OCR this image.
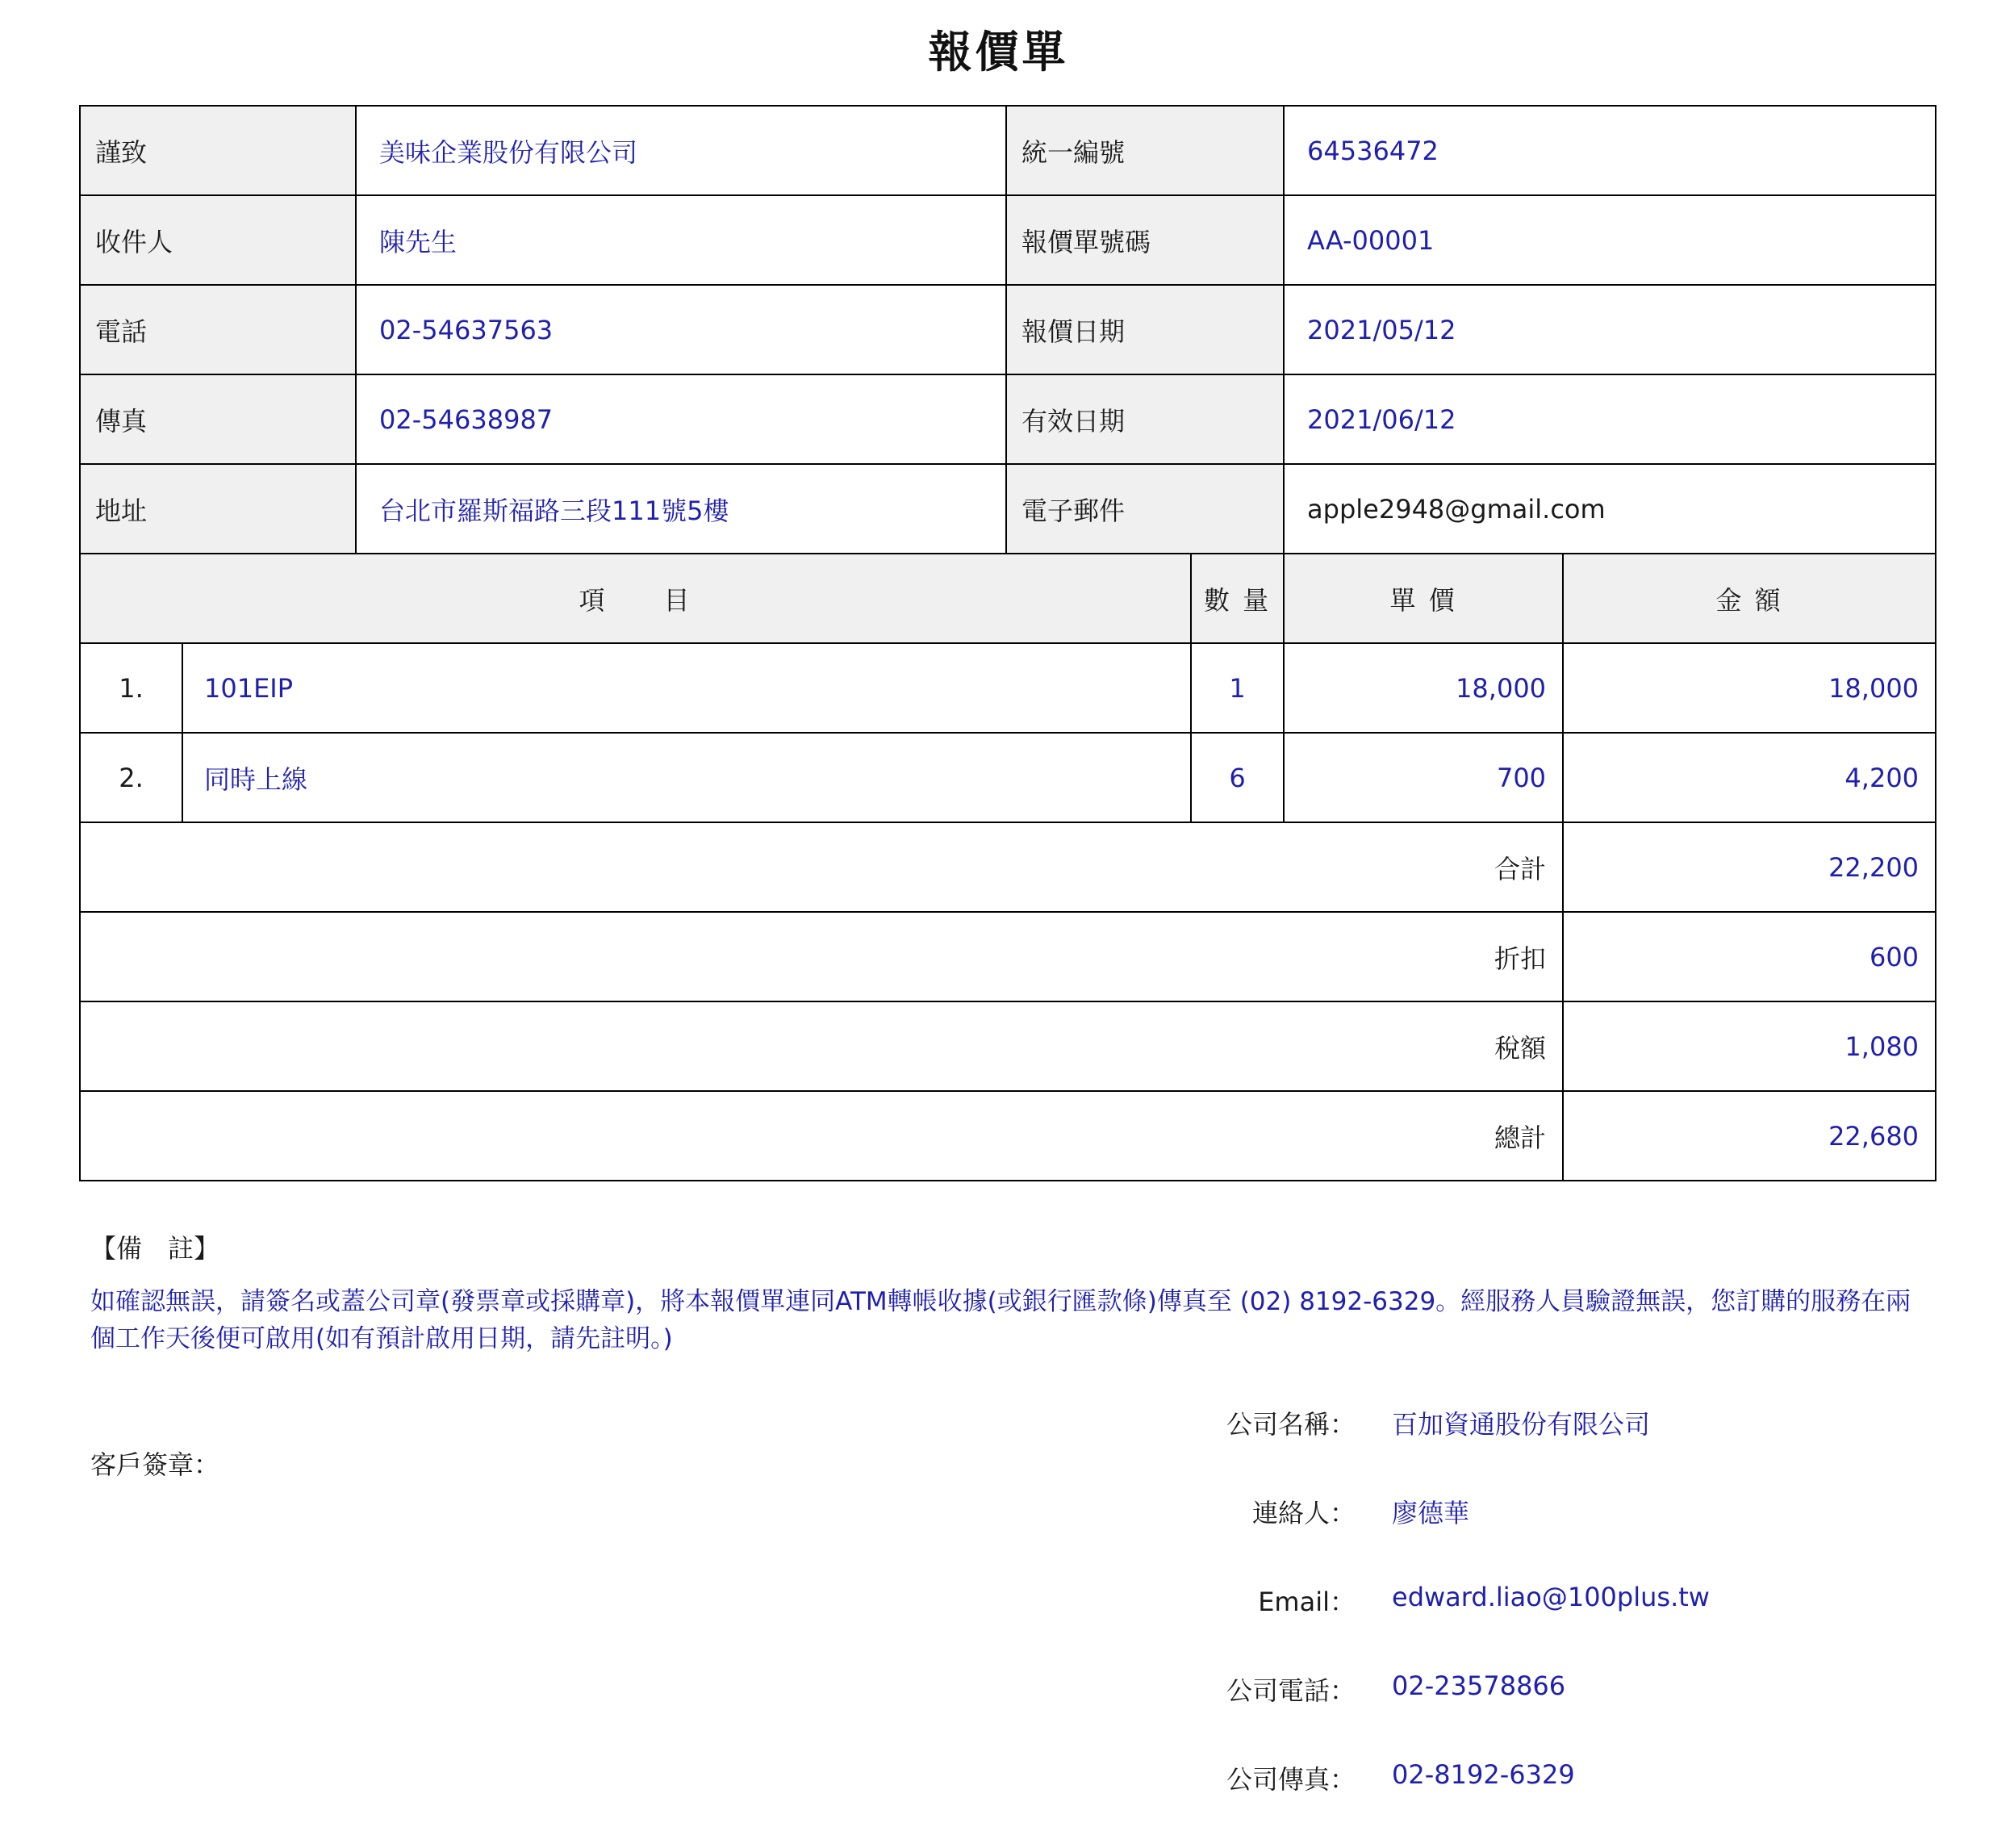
報價單
謹致		美味企業股份有限公司	統一編號		64536472	
收件人		陳先生	報價單號碼		AA-00001	
電話		02-54637563	報價日期		2021/05/12	
傳真		02-54638987	有效日期		2021/06/12	
地址		台北市羅斯福路三段111號5樓	電子郵件		apple2948@gmail.com	
項　　目				數 量	單 價	金 額
1.	101EIP			1	18,000	18,000
2.	同時上線			6	700	4,200
合計						22,200
折扣						600
稅額						1,080
總計						22,680
【備　註】
如確認無誤，請簽名或蓋公司章(發票章或採購章)，將本報價單連同ATM轉帳收據(或銀行匯款條)傳真至 (02) 8192-6329。經服務人員驗證無誤，您訂購的服務在兩個工作天後便可啟用(如有預計啟用日期，請先註明。)
客戶簽章：
公司名稱： 百加資通股份有限公司
連絡人： 廖德華
Email： edward.liao@100plus.tw
公司電話： 02-23578866
公司傳真： 02-8192-6329
